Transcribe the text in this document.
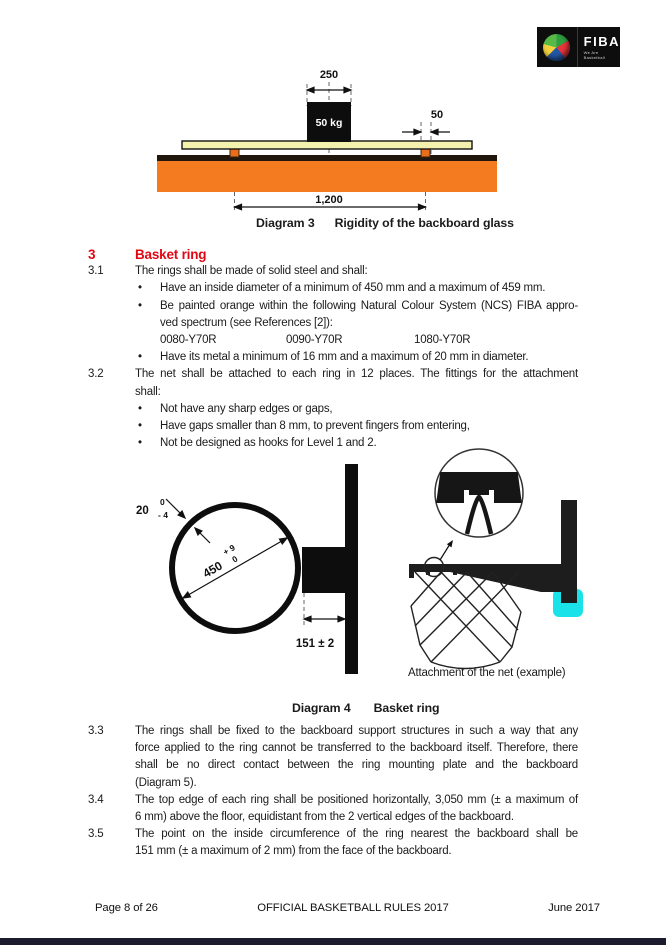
FIBA
We Are Basketball
50 kg
250
50
1,200
Diagram 3 Rigidity of the backboard glass
3	Basket ring
3.1	The rings shall be made of solid steel and shall:
•
Have an inside diameter of a minimum of 450 mm and a maximum of 459 mm.
•
Be painted orange within the following Natural Colour System (NCS) FIBA appro-
ved spectrum (see References [2]):
0080-Y70R	0090-Y70R	1080-Y70R
•
Have its metal a minimum of 16 mm and a maximum of 20 mm in diameter.
3.2	The net shall be attached to each ring in 12 places. The fittings for the attachment
shall:
•
Not have any sharp edges or gaps,
•
Have gaps smaller than 8 mm, to prevent fingers from entering,
•
Not be designed as hooks for Level 1 and 2.
450
+ 9
0
20
0
- 4
151 ± 2
Attachment of the net (example)
Diagram 4 Basket ring
3.3	The rings shall be fixed to the backboard support structures in such a way that any
force applied to the ring cannot be transferred to the backboard itself. Therefore, there
shall be no direct contact between the ring mounting plate and the backboard
(Diagram 5).
3.4	The top edge of each ring shall be positioned horizontally, 3,050 mm (± a maximum of
6 mm) above the floor, equidistant from the 2 vertical edges of the backboard.
3.5	The point on the inside circumference of the ring nearest the backboard shall be
151 mm (± a maximum of 2 mm) from the face of the backboard.
Page 8 of 26	OFFICIAL BASKETBALL RULES 2017	June 2017
